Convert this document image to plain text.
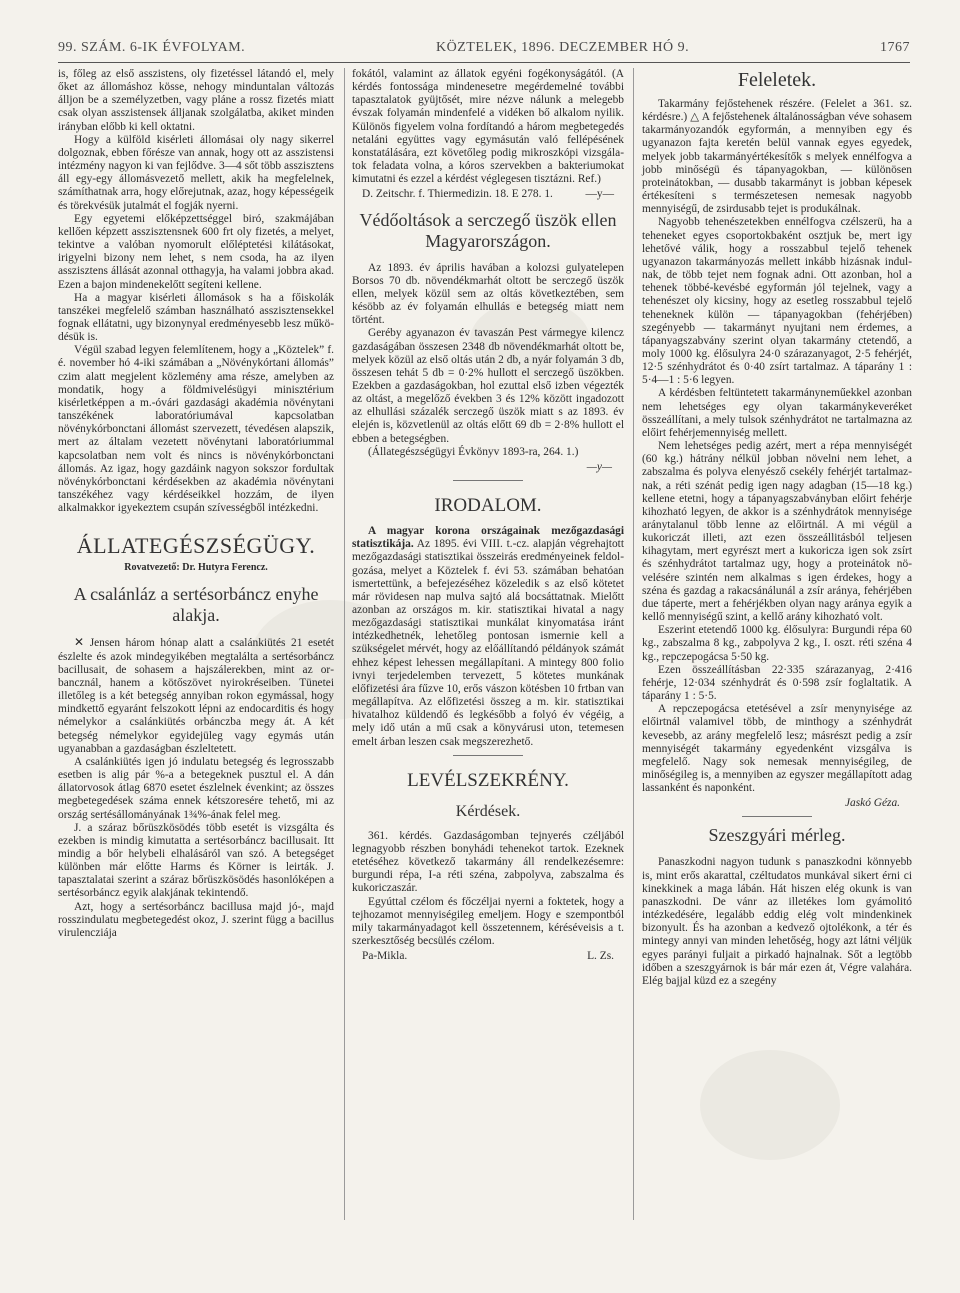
99. SZÁM. 6-IK ÉVFOLYAM.	KÖZTELEK, 1896. DECZEMBER HÓ 9.	1767

is, főleg az első asszistens, oly fizetéssel látandó el, mely őket az állomáshoz kösse, nehogy minduntalan változás álljon be a személyzetben, vagy pláne a rossz fizetés miatt csak olyan asszistensek álljanak szolgálatba, akiket minden irányban előbb ki kell oktatni.

Hogy a külföld kisérleti állomásai oly nagy sikerrel dolgoznak, ebben főrésze van annak, hogy ott az asszistensi intézmény nagyon ki van fejlődve. 3—4 sőt több asszisztens áll egy-egy állomásvezető mellett, akik ha megfelelnek, számíthatnak arra, hogy előrejutnak, azaz, hogy képességeik és törekvésük jutalmát el fogják nyerni.

Egy egyetemi előképzettséggel biró, szakmájában kellően képzett asszisztensnek 600 frt oly fizetés, a melyet, tekintve a valóban nyomorult előléptetési kilátásokat, irigyelni bizony nem lehet, s nem csoda, ha az ilyen asszisztens állását azonnal otthagyja, ha valami jobbra akad. Ezen a bajon mindenekelőtt segíteni kellene.

Ha a magyar kisérleti állomások s ha a főiskolák tanszékei megfelelő számban használható asszisztensekkel fognak ellátatni, ugy bizonynyal eredményesebb lesz működésük is.

Végül szabad legyen felemlítenem, hogy a „Köztelek” f. é. november hó 4-iki számában a „Növénykórtani állomás” czim alatt megjelent közlemény ama része, amelyben az mondatik, hogy a földmivelésügyi minisztérium kisérletképpen a m.-óvári gazdasági akadémia növénytani tanszékének laboratóriumával kapcsolatban növénykórbonctani állomást szervezett, tévedésen alapszik, mert az általam vezetett növénytani laboratóriummal kapcsolatban nem volt és nincs is növénykórbonctani állomás. Az igaz, hogy gazdáink nagyon sokszor fordultak növénykórbonctani kérdésekben az akadémia növénytani tanszékéhez vagy kérdéseikkel hozzám, de ilyen alkalmakkor igyekeztem csupán szívességből intézkedni.

ÁLLATEGÉSZSÉGÜGY.
Rovatvezető: Dr. Hutyra Ferencz.
A csalánláz a sertésorbáncz enyhe alakja.

✕ Jensen három hónap alatt a csalánkiütés 21 esetét észlelte és azok mindegyikében megtalálta a sertésorbáncz bacillusait, de sohasem a hajszálerekben, mint az orbancznál, hanem a kötőszövet nyirokréseiben. Tünetei illetőleg is a két betegség annyiban rokon egymással, hogy mindkettő egyaránt felszokott lépni az endocarditis és hogy némelykor a csalánkiütés orbánczba megy át. A két betegség némelykor egyidejüleg vagy egymás után ugyanabban a gazdaságban észleltetett.

A csalánkiütés igen jó indulatu betegség és legrosszabb esetben is alig pár %-a a betegeknek pusztul el. A dán állatorvosok átlag 6870 esetet észlelnek évenkint; az összes megbetegedések száma ennek kétszoresére tehető, mi az ország sertésállományának 1¾%-ának felel meg.

J. a száraz bőrüszkösödés több esetét is vizsgálta és ezekben is mindig kimutatta a sertésorbáncz bacillusait. Itt mindig a bőr helybeli elhalásáról van szó. A betegséget különben már előtte Harms és Körner is leirták. J. tapasztalatai szerint a száraz bőrüszkösödés hasonlóképen a sertésorbáncz egyik alakjának tekintendő.

Azt, hogy a sertésorbáncz bacillusa majd jó-, majd rosszindulatu megbetegedést okoz, J. szerint függ a bacillus virulencziája

fokától, valamint az állatok egyéni fogékonyságától. (A kérdés fontossága mindenesetre megérdemelné további tapasztalatok gyüjtősét, mire nézve nálunk a melegebb évszak folyamán mindenfelé a vidéken bő alkalom nyilik. Különös figyelem volna fordítandó a három megbetegedés netaláni együttes vagy egymásután való fellépésének konstatálására, ezt követőleg podig mikroszkópi vizsgálatok feladata volna, a kóros szervekben a bakteriumokat kimutatni és ezzel a kérdést véglegesen tisztázni. Ref.)

D. Zeitschr. f. Thiermedizin. 18. E 278. 1.	—y—
Védőoltások a serczegő üszök ellen Magyarországon.

Az 1893. év április havában a kolozsi gulyatelepen Borsos 70 db. növendékmarhát oltott be serczegő üszök ellen, melyek közül sem az oltás következtében, sem késöbb az év folyamán elhullás e betegség miatt nem történt.

Geréby agyanazon év tavaszán Pest vármegye kilencz gazdaságában összesen 2348 db növendékmarhát oltott be, melyek közül az első oltás után 2 db, a nyár folyamán 3 db, összesen tehát 5 db = 0·2% hullott el serczegő üszökben. Ezekben a gazdaságokban, hol ezuttal első izben végezték az oltást, a megelőző években 3 és 12% között ingadozott az elhullási százalék serczegő üszök miatt s az 1893. év elején is, közvetlenül az oltás előtt 69 db = 2·8% hullott el ebben a betegségben.

(Állategészségügyi Évkönyv 1893-ra, 264. 1.)

—y—
IRODALOM.

A magyar korona országainak mezőgazdasági statisztikája. Az 1895. évi VIII. t.-cz. alapján végrehajtott mezőgazdasági statisztikai összeirás eredményeinek feldolgozása, melyet a Köztelek f. évi 53. számában behatóan ismertettünk, a befejezéséhez közeledik s az első kötetet már rövidesen nap mulva sajtó alá bocsáttatnak. Mielőtt azonban az országos m. kir. statisztikai hivatal a nagy mezőgazdasági statisztikai munkálat kinyomatása iránt intézkedhetnék, lehetőleg pontosan ismernie kell a szükségelet mérvét, hogy az előállítandó példányok számát ehhez képest lehessen megállapítani. A mintegy 800 folio ivnyi terjedelemben tervezett, 5 kötetes munkának előfizetési ára fűzve 10, erős vászon kötésben 10 frtban van megállapítva. Az előfizetési összeg a m. kir. statisztikai hivatalhoz küldendő és legkésőbb a folyó év végéig, a mely idő után a mű csak a könyvárusi uton, tetemesen emelt árban leszen csak megszerezhető.

LEVÉLSZEKRÉNY.
Kérdések.

361. kérdés. Gazdaságomban tejnyerés czéljából legnagyobb részben bonyhádi tehenekot tartok. Ezeknek etetéséhez következő takarmány áll rendelkezésemre: burgundi répa, I-a réti széna, zabpolyva, zabszalma és kukoriczaszár.

Egyúttal czélom és főczéljai nyerni a foktetek, hogy a tejhozamot mennyiségileg emeljem. Hogy e szempontból mily takarmányadagot kell összetennem, kéréséveisis a t. szerkesztőség becsülés czélom.

Pa-Mikla.	L. Zs.
Feleletek.

Takarmány fejőstehenek részére. (Felelet a 361. sz. kérdésre.) △ A fejőstehenek általánosságban véve sohasem takarmányozandók egyformán, a mennyiben egy és ugyanazon fajta keretén belül vannak egyes egyedek, melyek jobb takarmányértékesítők s melyek ennélfogva a jobb minőségü és tápanyagokban, — különösen proteinátokban, — dusabb takarmányt is jobban képesek értékesíteni s természetesen nemesak nagyobb mennyiségű, de zsirdusabb tejet is produkálnak.

Nagyobb tehenészetekben ennélfogva czélszerü, ha a teheneket egyes csoportokbaként osztjuk be, mert igy lehetővé válik, hogy a rosszabbul tejelő tehenek ugyanazon takarmányozás mellett inkább hizásnak indulnak, de több tejet nem fognak adni. Ott azonban, hol a tehenek többé-kevésbé egyformán jól tejelnek, vagy a tehenészet oly kicsiny, hogy az esetleg rosszabbul tejelő teheneknek külön — tápanyagokban (fehérjében) szegényebb — takarmányt nyujtani nem érdemes, a tápanyagszabvány szerint olyan takarmány ctetendő, a moly 1000 kg. élősulyra 24·0 szárazanyagot, 2·5 fehérjét, 12·5 szénhydrátot és 0·40 zsírt tartalmaz. A táparány 1 : 5·4—1 : 5·6 legyen.

A kérdésben feltüntetett takarmányneműekkel azonban nem lehetséges egy olyan takarmánykeveréket összeállítani, a mely tulsok szénhydrátot ne tartalmazna az előirt fehérjemennyiség mellett.

Nem lehetséges pedig azért, mert a répa mennyiségét (60 kg.) hátrány nélkül jobban növelni nem lehet, a zabszalma és polyva elenyésző csekély fehérjét tartalmaznak, a réti szénát pedig igen nagy adagban (15—18 kg.) kellene etetni, hogy a tápanyagszabványban előirt fehérje kihozható legyen, de akkor is a szénhydrátok mennyisége aránytalanul több lenne az előirtnál. A mi végül a kukoriczát illeti, azt ezen összeállitásból teljesen kihagytam, mert egyrészt mert a kukoricza igen sok zsírt és szénhydrátot tartalmaz ugy, hogy a proteinátok növelésére szintén nem alkalmas s igen érdekes, hogy a széna és gazdag a rakacsánálunál a zsír aránya, fehérjében due táperte, mert a fehérjékben olyan nagy aránya egyik a kellő mennyiségű szint, a kellő arány kihozható volt.

Eszerint etetendő 1000 kg. élősulyra: Burgundi répa 60 kg., zabszalma 8 kg., zabpolyva 2 kg., I. oszt. réti széna 4 kg., repczepogácsa 5·50 kg.

Ezen összeállításban 22·335 szárazanyag, 2·416 fehérje, 12·034 szénhydrát és 0·598 zsír foglaltatik. A táparány 1 : 5·5.

A repczepogácsa etetésével a zsír menynyisége az előirtnál valamivel több, de minthogy a szénhydrát kevesebb, az arány megfelelő lesz; másrészt pedig a zsír mennyiségét takarmány egyedenként vizsgálva is megfelelő. Nagy sok nemesak mennyiségileg, de minőségileg is, a mennyiben az egyszer megállapított adag lassanként és naponként.

Jaskó Géza.
Szeszgyári mérleg.

Panaszkodni nagyon tudunk s panaszkodni könnyebb is, mint erős akarattal, czéltudatos munkával sikert érni ci kinekkinek a maga lábán. Hát hiszen elég okunk is van panaszkodni. De vánr az illetékes lom gyámolitó intézkedésére, legalább eddig elég volt mindenkinek bizonyult. És ha azonban a kedvező ojtolékonk, a tér és mintegy annyi van minden lehetőség, hogy azt látni véljük egyes parányi fuljait a pirkadó hajnalnak. Sőt a legtöbb időben a szeszgyárnok is bár már ezen át, Végre valahára. Elég bajjal küzd ez a szegény
